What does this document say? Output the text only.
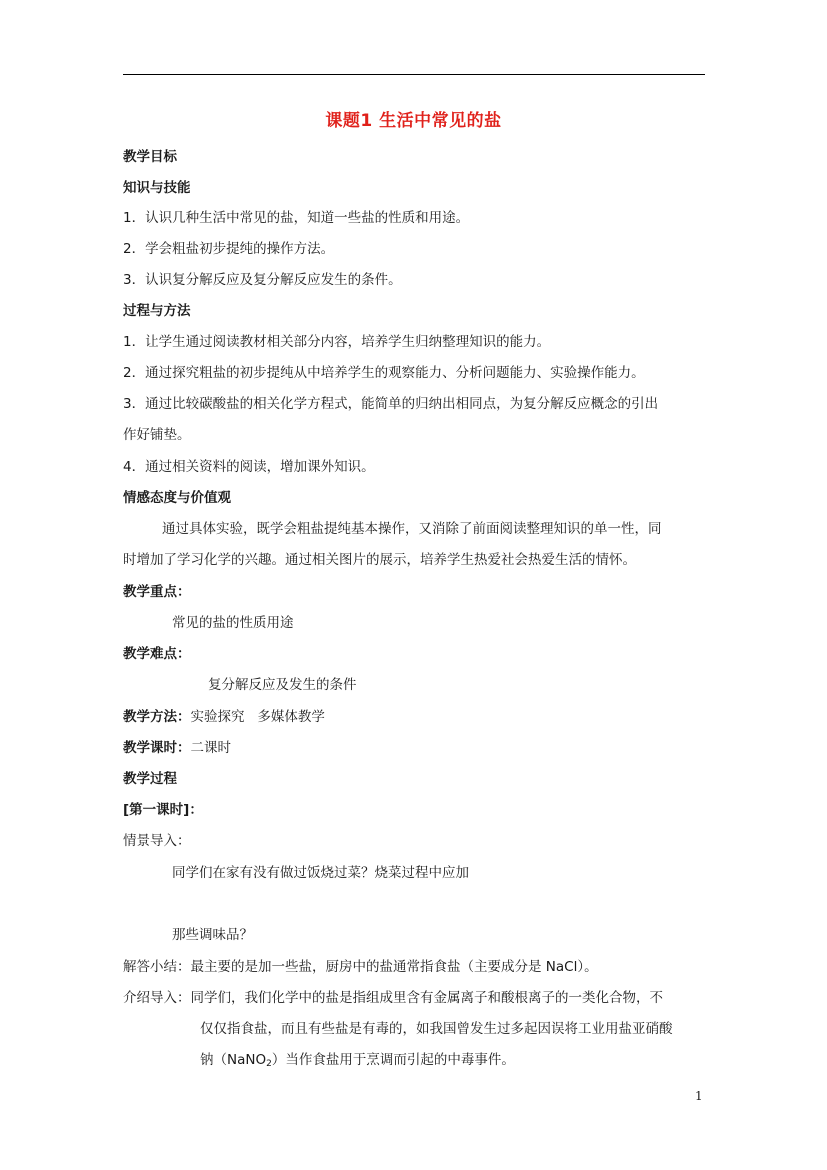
课题1 生活中常见的盐
教学目标
知识与技能
1．认识几种生活中常见的盐，知道一些盐的性质和用途。
2．学会粗盐初步提纯的操作方法。
3．认识复分解反应及复分解反应发生的条件。
过程与方法
1．让学生通过阅读教材相关部分内容，培养学生归纳整理知识的能力。
2．通过探究粗盐的初步提纯从中培养学生的观察能力、分析问题能力、实验操作能力。
3．通过比较碳酸盐的相关化学方程式，能简单的归纳出相同点，为复分解反应概念的引出
作好铺垫。
4．通过相关资料的阅读，增加课外知识。
情感态度与价值观
通过具体实验，既学会粗盐提纯基本操作，又消除了前面阅读整理知识的单一性，同
时增加了学习化学的兴趣。通过相关图片的展示，培养学生热爱社会热爱生活的情怀。
教学重点：
常见的盐的性质用途
教学难点：
复分解反应及发生的条件
教学方法：实验探究   多媒体教学
教学课时：二课时
教学过程
[第一课时]：
情景导入：
同学们在家有没有做过饭烧过菜？烧菜过程中应加
那些调味品？
解答小结：最主要的是加一些盐，厨房中的盐通常指食盐（主要成分是 NaCl）。
介绍导入：同学们，我们化学中的盐是指组成里含有金属离子和酸根离子的一类化合物，不
仅仅指食盐，而且有些盐是有毒的，如我国曾发生过多起因误将工业用盐亚硝酸
钠（NaNO$_2$）当作食盐用于烹调而引起的中毒事件。
1
